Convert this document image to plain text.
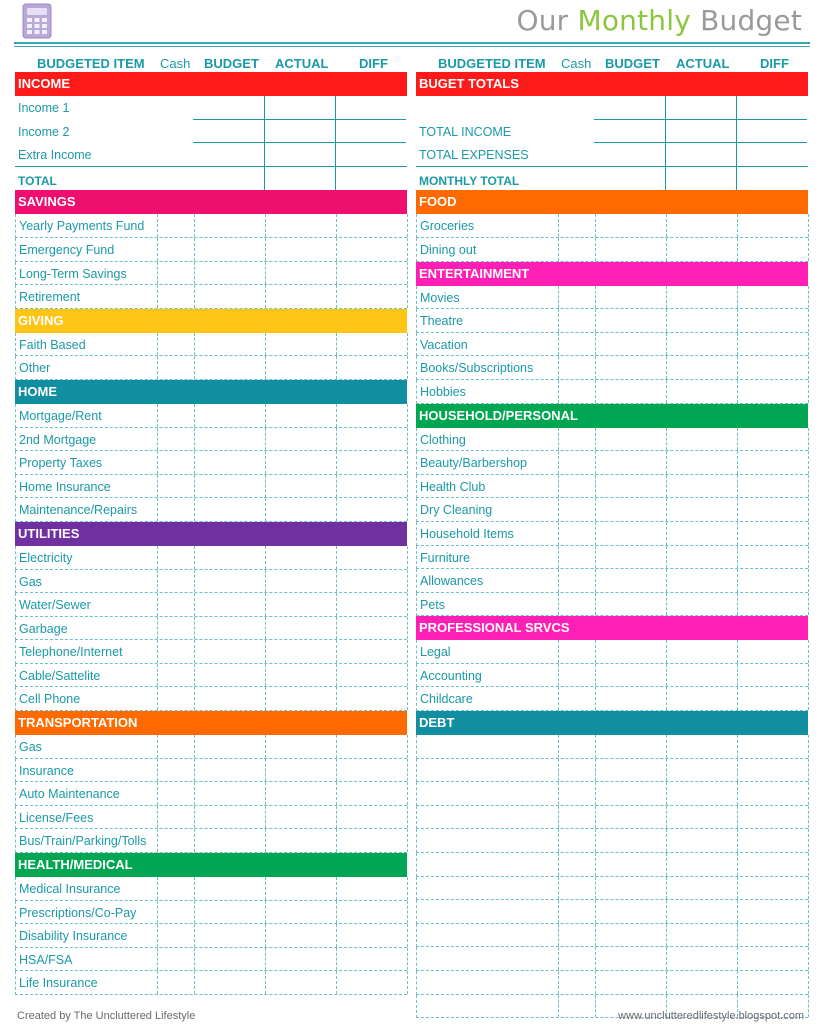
Our Monthly Budget
BUDGETED ITEM Cash BUDGET ACTUAL DIFF
INCOME
Income 1
Income 2
Extra Income
TOTAL
SAVINGS
Yearly Payments Fund
Emergency Fund
Long-Term Savings
Retirement
GIVING
Faith Based
Other
HOME
Mortgage/Rent
2nd Mortgage
Property Taxes
Home Insurance
Maintenance/Repairs
UTILITIES
Electricity
Gas
Water/Sewer
Garbage
Telephone/Internet
Cable/Sattelite
Cell Phone
TRANSPORTATION
Gas
Insurance
Auto Maintenance
License/Fees
Bus/Train/Parking/Tolls
HEALTH/MEDICAL
Medical Insurance
Prescriptions/Co-Pay
Disability Insurance
HSA/FSA
Life Insurance
BUDGETED ITEM Cash BUDGET ACTUAL DIFF
BUGET TOTALS
TOTAL INCOME
TOTAL EXPENSES
MONTHLY TOTAL
FOOD
Groceries
Dining out
ENTERTAINMENT
Movies
Theatre
Vacation
Books/Subscriptions
Hobbies
HOUSEHOLD/PERSONAL
Clothing
Beauty/Barbershop
Health Club
Dry Cleaning
Household Items
Furniture
Allowances
Pets
PROFESSIONAL SRVCS
Legal
Accounting
Childcare
DEBT
Created by The Uncluttered Lifestyle	www.unclutteredlifestyle.blogspot.com
